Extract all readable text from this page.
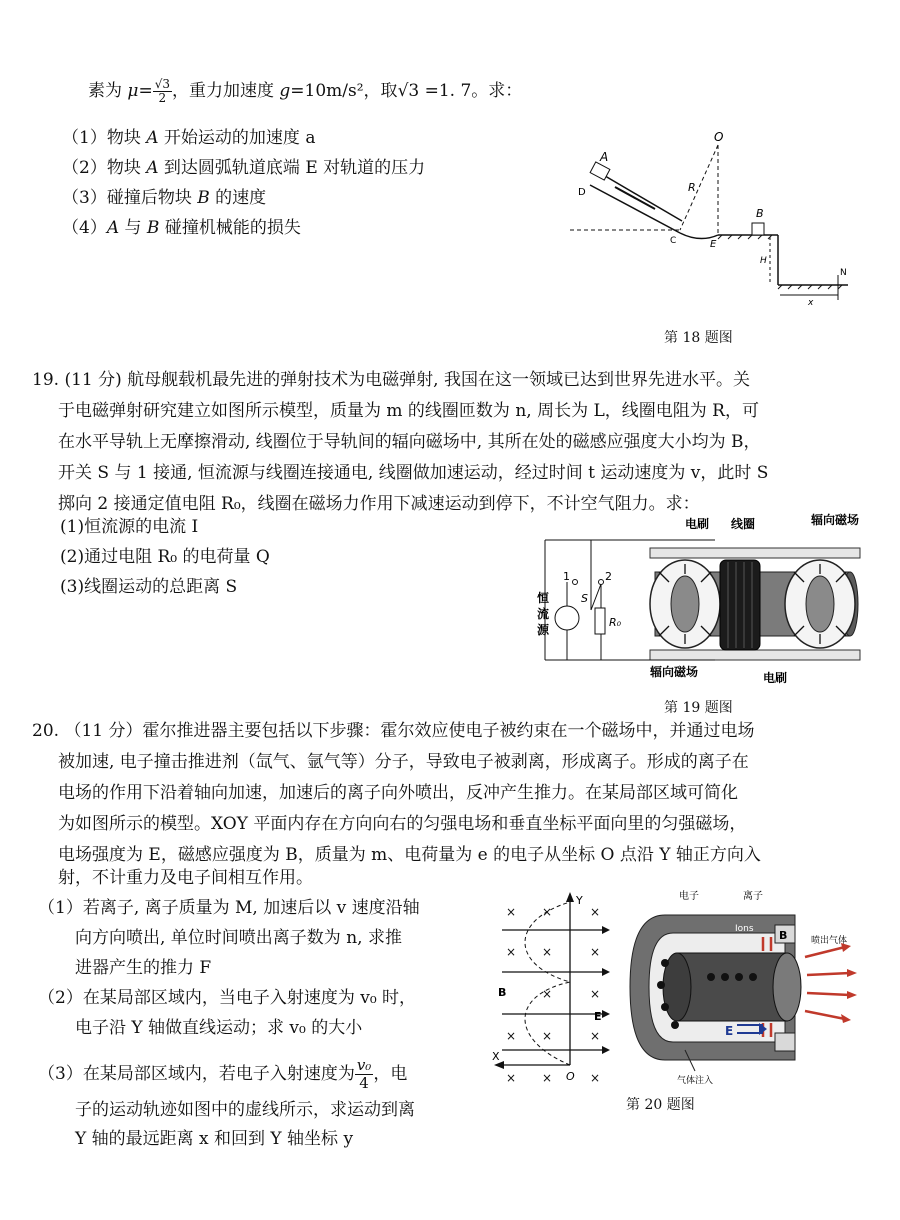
素为 $\mu= \frac{√3}{2}$ ，重力加速度 g=10m/s²，取√3 =1. 7。求：
（1）物块 A 开始运动的加速度 a
（2）物块 A 到达圆弧轨道底端 E 对轨道的压力
（3）碰撞后物块 B 的速度
（4）A 与 B 碰撞机械能的损失
A
D
O
R
C	E
B
H
N
x
第 18 题图
19. (11 分) 航母舰载机最先进的弹射技术为电磁弹射, 我国在这一领域已达到世界先进水平。关
于电磁弹射研究建立如图所示模型，质量为 m 的线圈匝数为 n, 周长为 L，线圈电阻为 R，可
在水平导轨上无摩擦滑动, 线圈位于导轨间的辐向磁场中, 其所在处的磁感应强度大小均为 B，
开关 S 与 1 接通, 恒流源与线圈连接通电, 线圈做加速运动，经过时间 t 运动速度为 v，此时 S
掷向 2 接通定值电阻 R₀，线圈在磁场力作用下减速运动到停下，不计空气阻力。求：
(1)恒流源的电流 I
(2)通过电阻 R₀ 的电荷量 Q
(3)线圈运动的总距离 S
电刷 线圈	辐向磁场
恒
流
源
1	2
S
R₀
辐向磁场	电刷
第 19 题图
20. （11 分）霍尔推进器主要包括以下步骤：霍尔效应使电子被约束在一个磁场中，并通过电场
被加速, 电子撞击推进剂（氙气、氩气等）分子，导致电子被剥离，形成离子。形成的离子在
电场的作用下沿着轴向加速，加速后的离子向外喷出，反冲产生推力。在某局部区域可简化
为如图所示的模型。XOY 平面内存在方向向右的匀强电场和垂直坐标平面向里的匀强磁场，
电场强度为 E，磁感应强度为 B，质量为 m、电荷量为 e 的电子从坐标 O 点沿 Y 轴正方向入
射，不计重力及电子间相互作用。
（1）若离子, 离子质量为 M, 加速后以 v 速度沿轴
向方向喷出, 单位时间喷出离子数为 n, 求推
进器产生的推力 F
（2）在某局部区域内，当电子入射速度为 v₀ 时，
电子沿 Y 轴做直线运动；求 v₀ 的大小
（3）在某局部区域内，若电子入射速度为 $\frac{\text{v₀}}{4}$ ，电
子的运动轨迹如图中的虚线所示，求运动到离
Y 轴的最远距离 x 和回到 Y 轴坐标 y
× ×	×
× ×	×
×	×
× ×	×
× ×	×
Y
B
E
X
O
电子	离子
Ions B	喷出气体
E
气体注入
第 20 题图
